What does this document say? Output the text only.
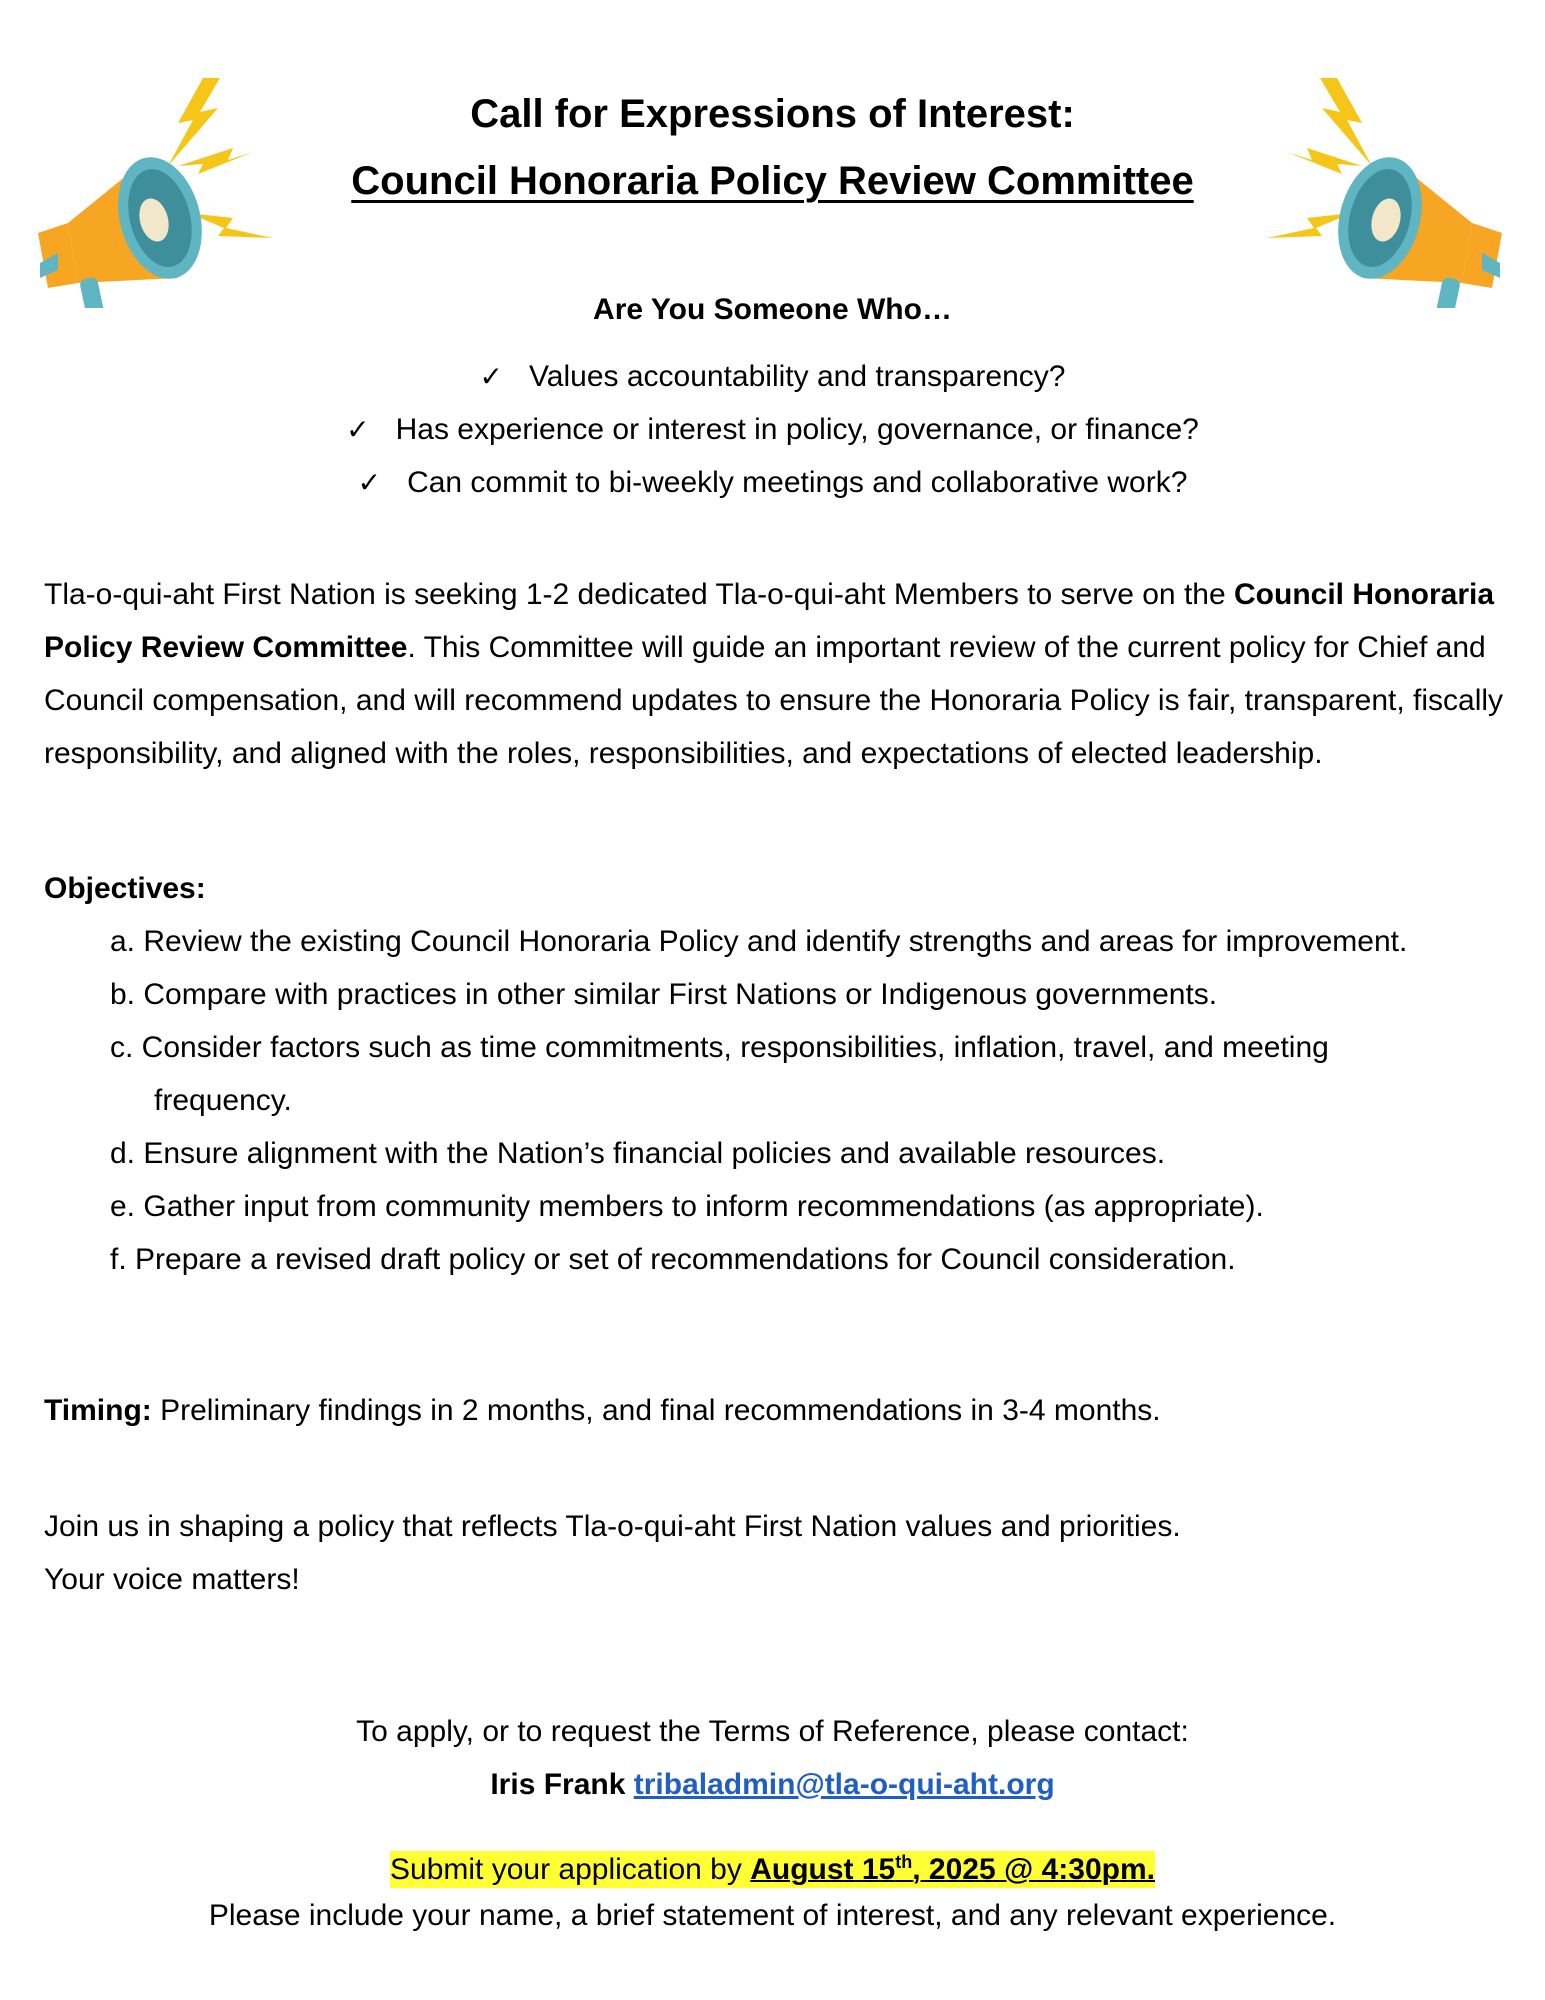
Call for Expressions of Interest:
Council Honoraria Policy Review Committee
Are You Someone Who…
✓ Values accountability and transparency?
✓ Has experience or interest in policy, governance, or finance?
✓ Can commit to bi-weekly meetings and collaborative work?

Tla-o-qui-aht First Nation is seeking 1-2 dedicated Tla-o-qui-aht Members to serve on the Council Honoraria Policy Review Committee. This Committee will guide an important review of the current policy for Chief and Council compensation, and will recommend updates to ensure the Honoraria Policy is fair, transparent, fiscally responsibility, and aligned with the roles, responsibilities, and expectations of elected leadership.

Objectives:
a. Review the existing Council Honoraria Policy and identify strengths and areas for improvement.
b. Compare with practices in other similar First Nations or Indigenous governments.
c. Consider factors such as time commitments, responsibilities, inflation, travel, and meeting frequency.
d. Ensure alignment with the Nation’s financial policies and available resources.
e. Gather input from community members to inform recommendations (as appropriate).
f. Prepare a revised draft policy or set of recommendations for Council consideration.

Timing: Preliminary findings in 2 months, and final recommendations in 3-4 months.

Join us in shaping a policy that reflects Tla-o-qui-aht First Nation values and priorities.
Your voice matters!

To apply, or to request the Terms of Reference, please contact:
Iris Frank tribaladmin@tla-o-qui-aht.org
Submit your application by August 15th, 2025 @ 4:30pm.
Please include your name, a brief statement of interest, and any relevant experience.
